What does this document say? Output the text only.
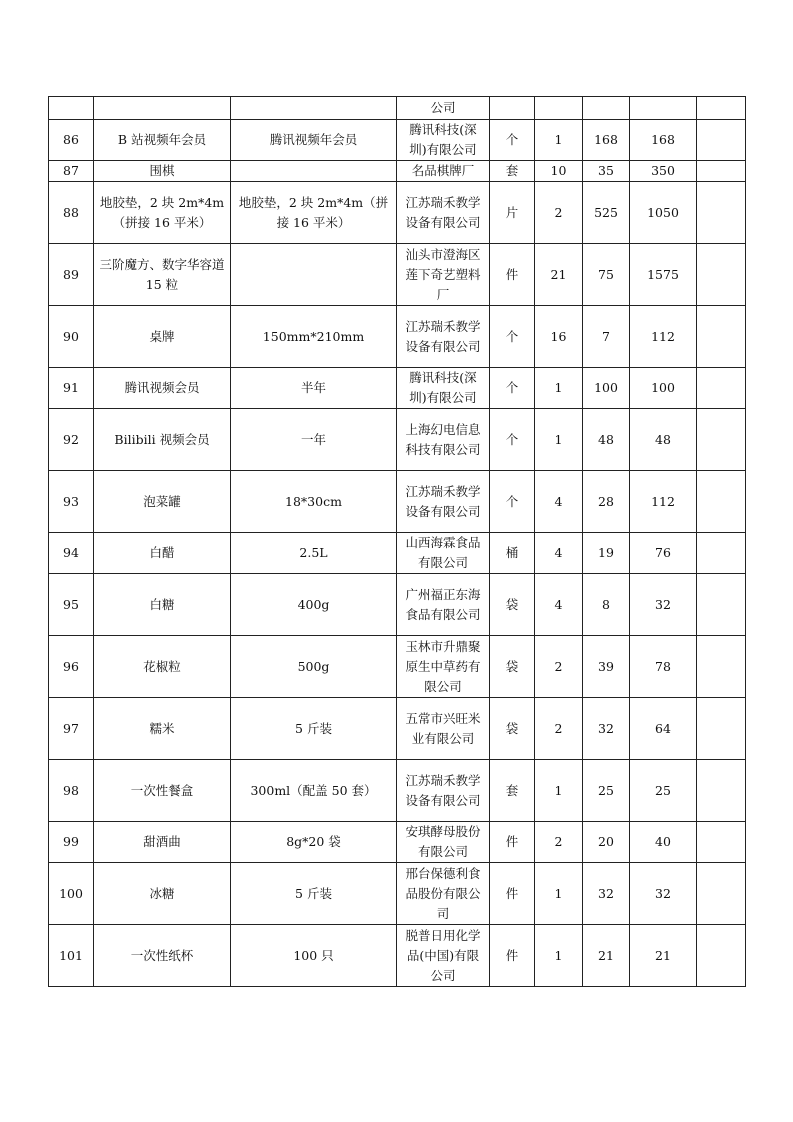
			公司					
86	B 站视频年会员	腾讯视频年会员	腾讯科技(深圳)有限公司	个	1	168	168	
87	围棋		名品棋牌厂	套	10	35	350	
88	地胶垫，2 块 2m*4m（拼接 16 平米）	地胶垫，2 块 2m*4m（拼接 16 平米）	江苏瑞禾教学设备有限公司	片	2	525	1050	
89	三阶魔方、数字华容道 15 粒		汕头市澄海区莲下奇艺塑料厂	件	21	75	1575	
90	桌牌	150mm*210mm	江苏瑞禾教学设备有限公司	个	16	7	112	
91	腾讯视频会员	半年	腾讯科技(深圳)有限公司	个	1	100	100	
92	Bilibili 视频会员	一年	上海幻电信息科技有限公司	个	1	48	48	
93	泡菜罐	18*30cm	江苏瑞禾教学设备有限公司	个	4	28	112	
94	白醋	2.5L	山西海霖食品有限公司	桶	4	19	76	
95	白糖	400g	广州福正东海食品有限公司	袋	4	8	32	
96	花椒粒	500g	玉林市升鼎聚原生中草药有限公司	袋	2	39	78	
97	糯米	5 斤装	五常市兴旺米业有限公司	袋	2	32	64	
98	一次性餐盒	300ml（配盖 50 套）	江苏瑞禾教学设备有限公司	套	1	25	25	
99	甜酒曲	8g*20 袋	安琪酵母股份有限公司	件	2	20	40	
100	冰糖	5 斤装	邢台保德利食品股份有限公司	件	1	32	32	
101	一次性纸杯	100 只	脱普日用化学品(中国)有限公司	件	1	21	21	
